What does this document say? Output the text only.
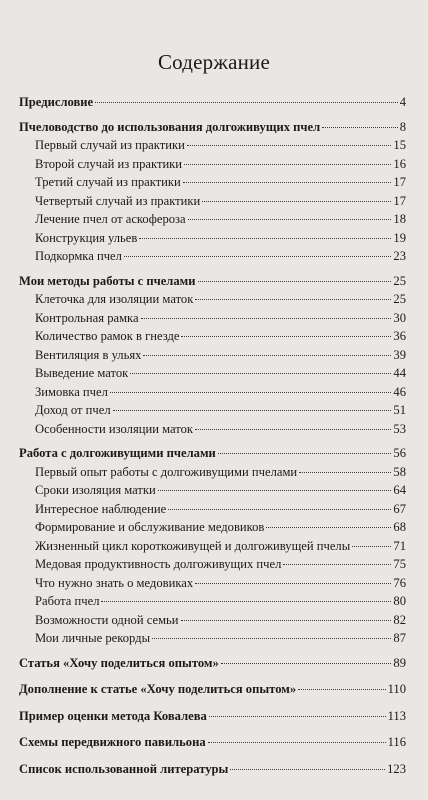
Содержание
Предисловие	4
Пчеловодство до использования долгоживущих пчел	8
Первый случай из практики	15
Второй случай из практики	16
Третий случай из практики	17
Четвертый случай из практики	17
Лечение пчел от аскофероза	18
Конструкция ульев	19
Подкормка пчел	23
Мои методы работы с пчелами	25
Клеточка для изоляции маток	25
Контрольная рамка	30
Количество рамок в гнезде	36
Вентиляция в ульях	39
Выведение маток	44
Зимовка пчел	46
Доход от пчел	51
Особенности изоляции маток	53
Работа с долгоживущими пчелами	56
Первый опыт работы с долгоживущими пчелами	58
Сроки изоляция матки	64
Интересное наблюдение	67
Формирование и обслуживание медовиков	68
Жизненный цикл короткоживущей и долгоживущей пчелы	71
Медовая продуктивность долгоживущих пчел	75
Что нужно знать о медовиках	76
Работа пчел	80
Возможности одной семьи	82
Мои личные рекорды	87
Статья «Хочу поделиться опытом»	89
Дополнение к статье «Хочу поделиться опытом»	110
Пример оценки метода Ковалева	113
Схемы передвижного павильона	116
Список использованной литературы	123
